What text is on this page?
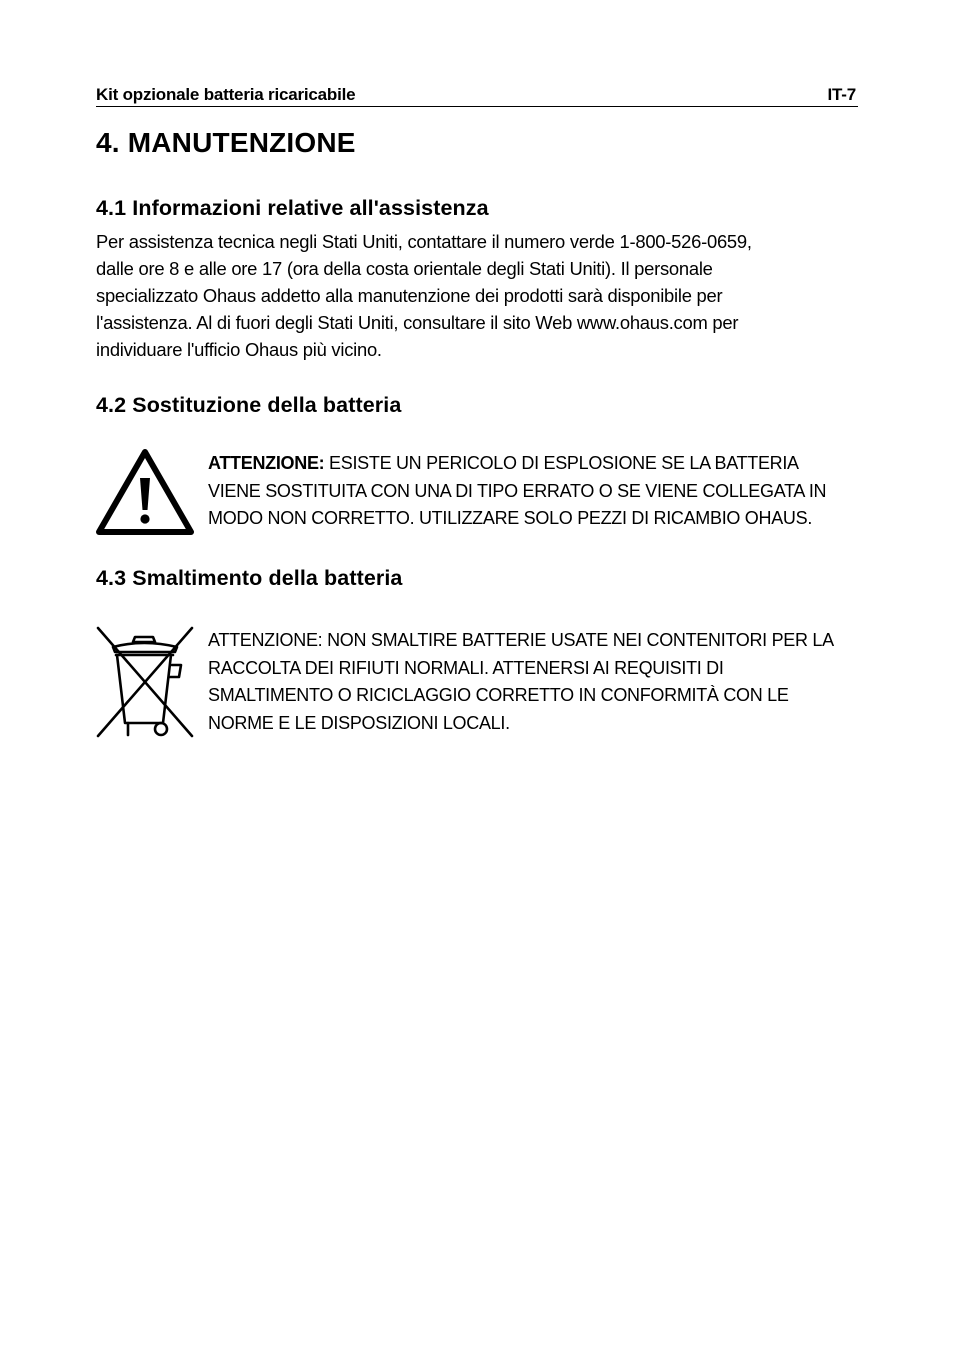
Kit opzionale batteria ricaricabile	IT-7
4. MANUTENZIONE
4.1 Informazioni relative all'assistenza
Per assistenza tecnica negli Stati Uniti, contattare il numero verde 1-800-526-0659,
dalle ore 8 e alle ore 17 (ora della costa orientale degli Stati Uniti). Il personale
specializzato Ohaus addetto alla manutenzione dei prodotti sarà disponibile per
l'assistenza. Al di fuori degli Stati Uniti, consultare il sito Web www.ohaus.com per
individuare l'ufficio Ohaus più vicino.
4.2 Sostituzione della batteria
ATTENZIONE: ESISTE UN PERICOLO DI ESPLOSIONE SE LA BATTERIA
VIENE SOSTITUITA CON UNA DI TIPO ERRATO O SE VIENE COLLEGATA IN
MODO NON CORRETTO. UTILIZZARE SOLO PEZZI DI RICAMBIO OHAUS.
4.3 Smaltimento della batteria
ATTENZIONE: NON SMALTIRE BATTERIE USATE NEI CONTENITORI PER LA
RACCOLTA DEI RIFIUTI NORMALI. ATTENERSI AI REQUISITI DI
SMALTIMENTO O RICICLAGGIO CORRETTO IN CONFORMITÀ CON LE
NORME E LE DISPOSIZIONI LOCALI.
